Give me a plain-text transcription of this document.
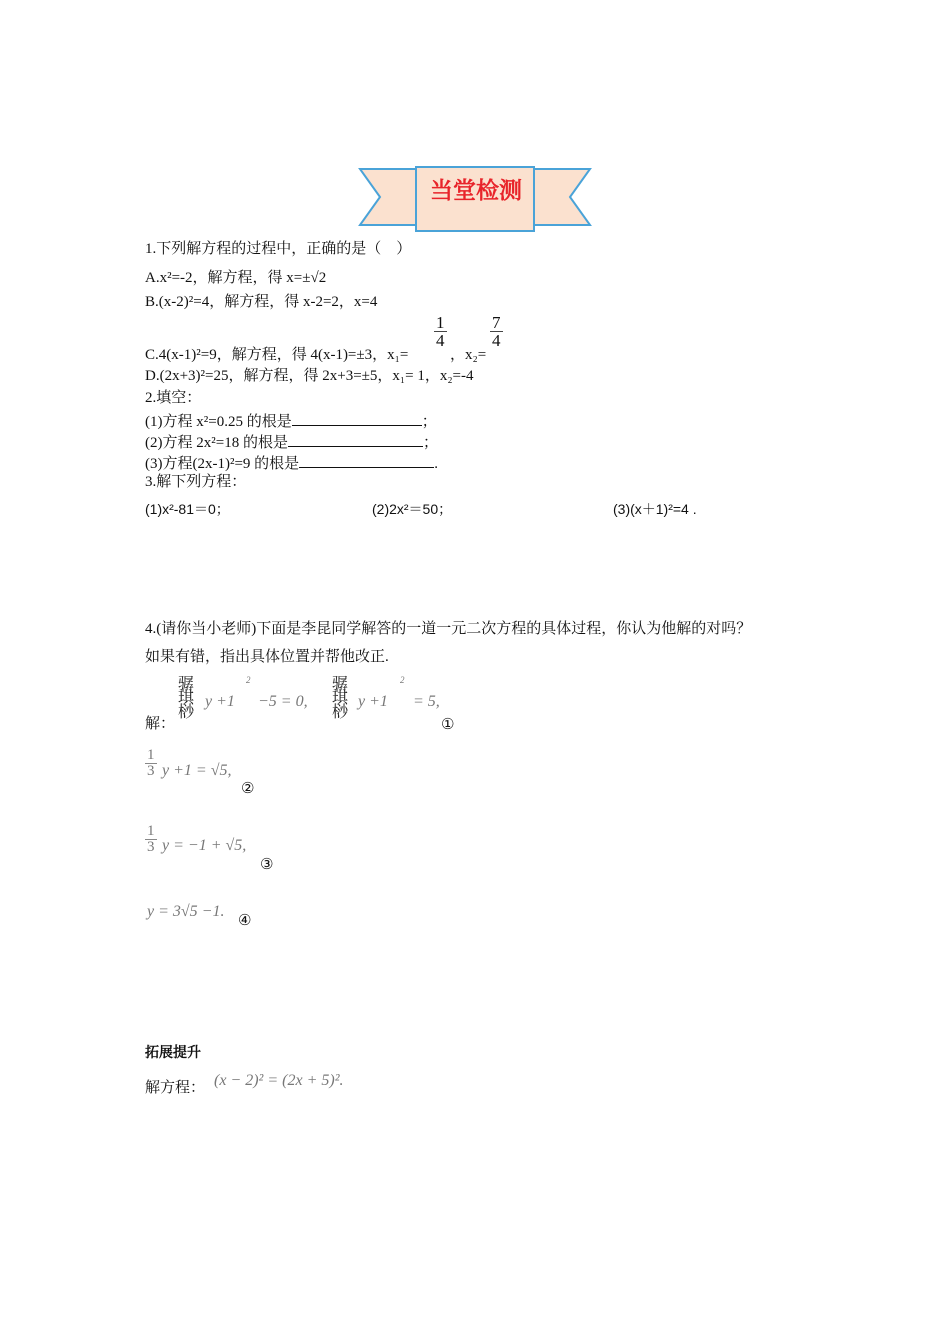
当堂检测
1.下列解方程的过程中，正确的是（　）
A.x²=-2，解方程，得 x=±√2
B.(x-2)²=4，解方程，得 x-2=2，x=4
C.4(x-1)²=9，解方程，得 4(x-1)=±3，x₁=
$\frac{1}{4}$
，x₂=
$\frac{7}{4}$
D.(2x+3)²=25，解方程，得 2x+3=±5，x₁= 1，x₂=-4
2.填空：
(1)方程 x²=0.25 的根是	；
(2)方程 2x²=18 的根是	；
(3)方程(2x-1)²=9 的根是	.
3.解下列方程：
(1)x²-81＝0；	(2)2x²＝50；	(3)(x＋1)²=4 .
4.(请你当小老师)下面是李昆同学解答的一道一元二次方程的具体过程，你认为他解的对吗？
如果有错，指出具体位置并帮他改正.
解：
骣
琪
桫
y +1
2
−5 = 0,
骣
琪
桫
y +1
2
= 5,
①
$\frac{1}{3}$ y +1 = √5,
②
$\frac{1}{3}$ y = −1 + √5,
③
y = 3√5 −1. ④
拓展提升
解方程： (x − 2)² = (2x + 5)².
